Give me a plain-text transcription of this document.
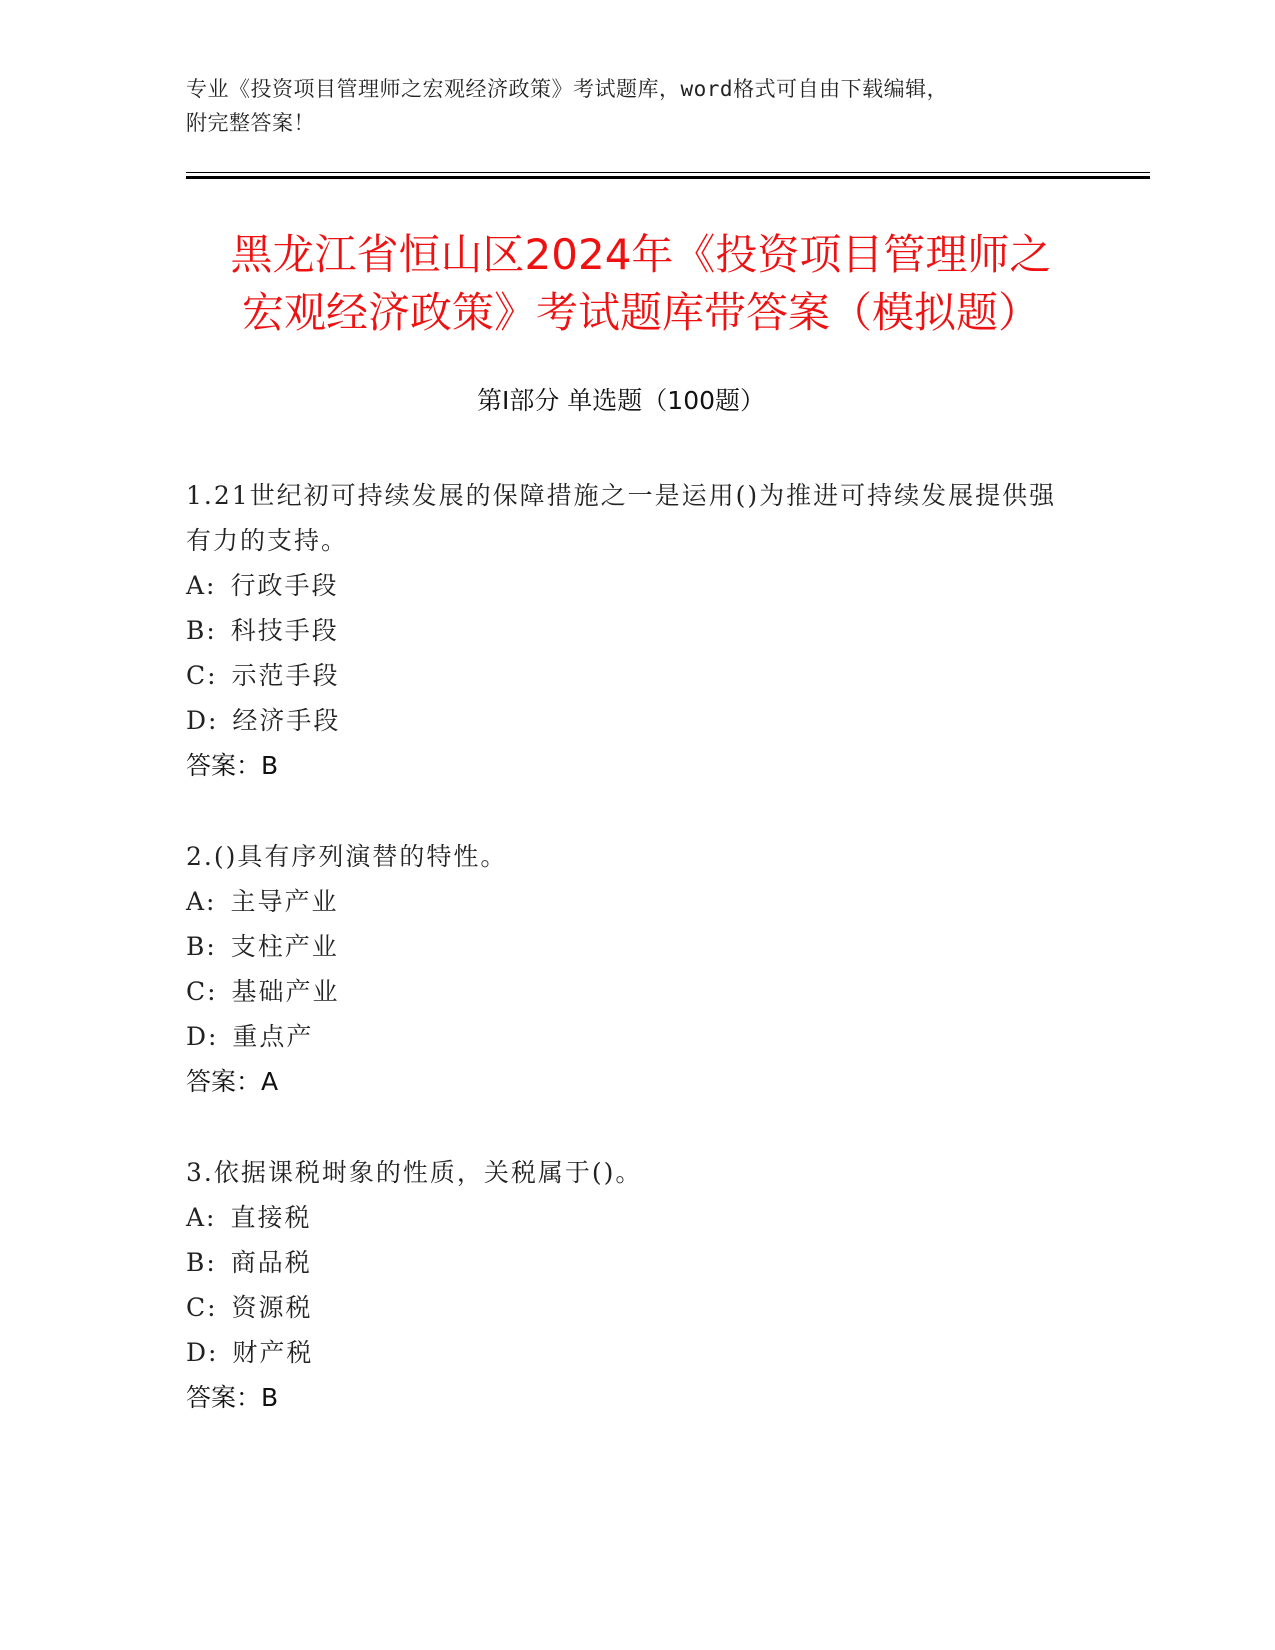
专业《投资项目管理师之宏观经济政策》考试题库，word格式可自由下载编辑，
附完整答案！
黑龙江省恒山区2024年《投资项目管理师之
宏观经济政策》考试题库带答案（模拟题）
第Ⅰ部分 单选题（100题）

1.21世纪初可持续发展的保障措施之一是运用()为推进可持续发展提供强有力的支持。

A: 行政手段

B: 科技手段

C: 示范手段

D: 经济手段

答案：B

2.()具有序列演替的特性。

A: 主导产业

B: 支柱产业

C: 基础产业

D: 重点产

答案：A

3.依据课税埘象的性质，关税属于()。

A: 直接税

B: 商品税

C: 资源税

D: 财产税

答案：B
